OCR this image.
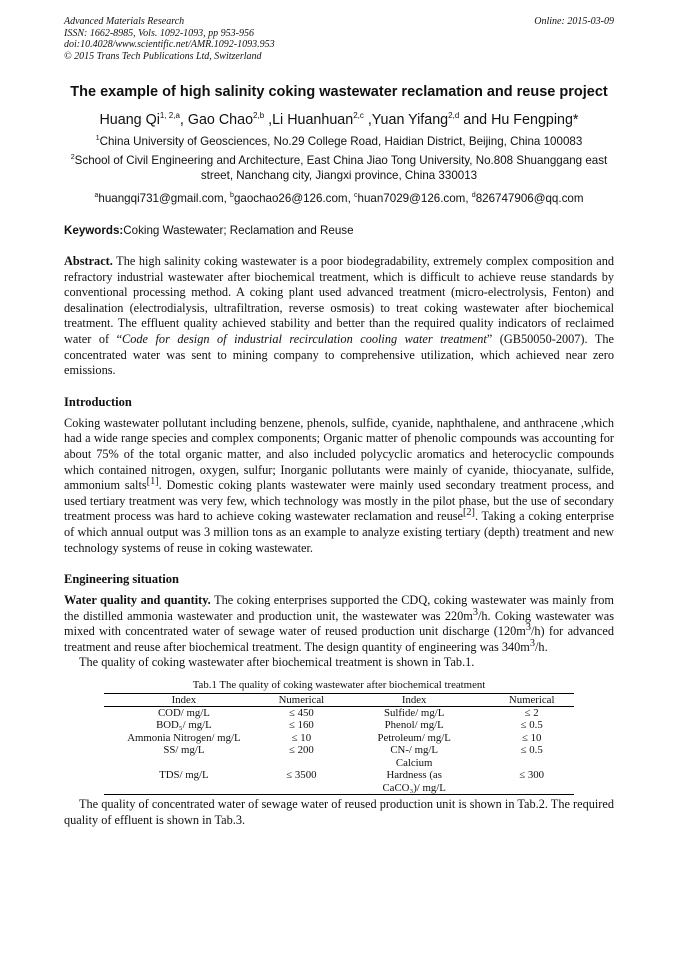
Advanced Materials Research
ISSN: 1662-8985, Vols. 1092-1093, pp 953-956
doi:10.4028/www.scientific.net/AMR.1092-1093.953
© 2015 Trans Tech Publications Ltd, Switzerland
Online: 2015-03-09
The example of high salinity coking wastewater reclamation and reuse project
Huang Qi$^{1, 2,a}$, Gao Chao$^{2,b}$ ,Li Huanhuan$^{2,c}$ ,Yuan Yifang$^{2,d}$ and Hu Fengping*
$^1$China University of Geosciences, No.29 College Road, Haidian District, Beijing, China 100083
$^2$School of Civil Engineering and Architecture, East China Jiao Tong University, No.808 Shuanggang east street, Nanchang city, Jiangxi province, China 330013
$^a$huangqi731@gmail.com, $^b$gaochao26@126.com, $^c$huan7029@126.com, $^d$826747906@qq.com
Keywords:Coking Wastewater; Reclamation and Reuse

Abstract. The high salinity coking wastewater is a poor biodegradability, extremely complex composition and refractory industrial wastewater after biochemical treatment, which is difficult to achieve reuse standards by conventional processing method. A coking plant used advanced treatment (micro-electrolysis, Fenton) and desalination (electrodialysis, ultrafiltration, reverse osmosis) to treat coking wastewater after biochemical treatment. The effluent quality achieved stability and better than the required quality indicators of reclaimed water of “Code for design of industrial recirculation cooling water treatment” (GB50050-2007). The concentrated water was sent to mining company to comprehensive utilization, which achieved near zero emissions.

Introduction

Coking wastewater pollutant including benzene, phenols, sulfide, cyanide, naphthalene, and anthracene ,which had a wide range species and complex components; Organic matter of phenolic compounds was accounting for about 75% of the total organic matter, and also included polycyclic aromatics and heterocyclic compounds which contained nitrogen, oxygen, sulfur; Inorganic pollutants were mainly of cyanide, thiocyanate, sulfide, ammonium salts[1]. Domestic coking plants wastewater were mainly used secondary treatment process, and used tertiary treatment was very few, which technology was mostly in the pilot phase, but the use of secondary treatment process was hard to achieve coking wastewater reclamation and reuse[2]. Taking a coking enterprise of which annual output was 3 million tons as an example to analyze existing tertiary (depth) treatment and new technology systems of reuse in coking wastewater.

Engineering situation

Water quality and quantity. The coking enterprises supported the CDQ, coking wastewater was mainly from the distilled ammonia wastewater and production unit, the wastewater was $220m^3/h$. Coking wastewater was mixed with concentrated water of sewage water of reused production unit discharge $(120m^3/h)$ for advanced treatment and reuse after biochemical treatment. The design quantity of engineering was $340m^3/h$.

The quality of coking wastewater after biochemical treatment is shown in Tab.1.

Tab.1 The quality of coking wastewater after biochemical treatment
Index	Numerical	Index	Numerical
COD/ mg/L	≤ 450	Sulfide/ mg/L	≤ 2
BOD₅/ mg/L	≤ 160	Phenol/ mg/L	≤ 0.5
Ammonia Nitrogen/ mg/L	≤ 10	Petroleum/ mg/L	≤ 10
SS/ mg/L	≤ 200	CN-/ mg/L	≤ 0.5
TDS/ mg/L	≤ 3500	Calcium Hardness (as CaCO₃)/ mg/L	≤ 300

The quality of concentrated water of sewage water of reused production unit is shown in Tab.2. The required quality of effluent is shown in Tab.3.
